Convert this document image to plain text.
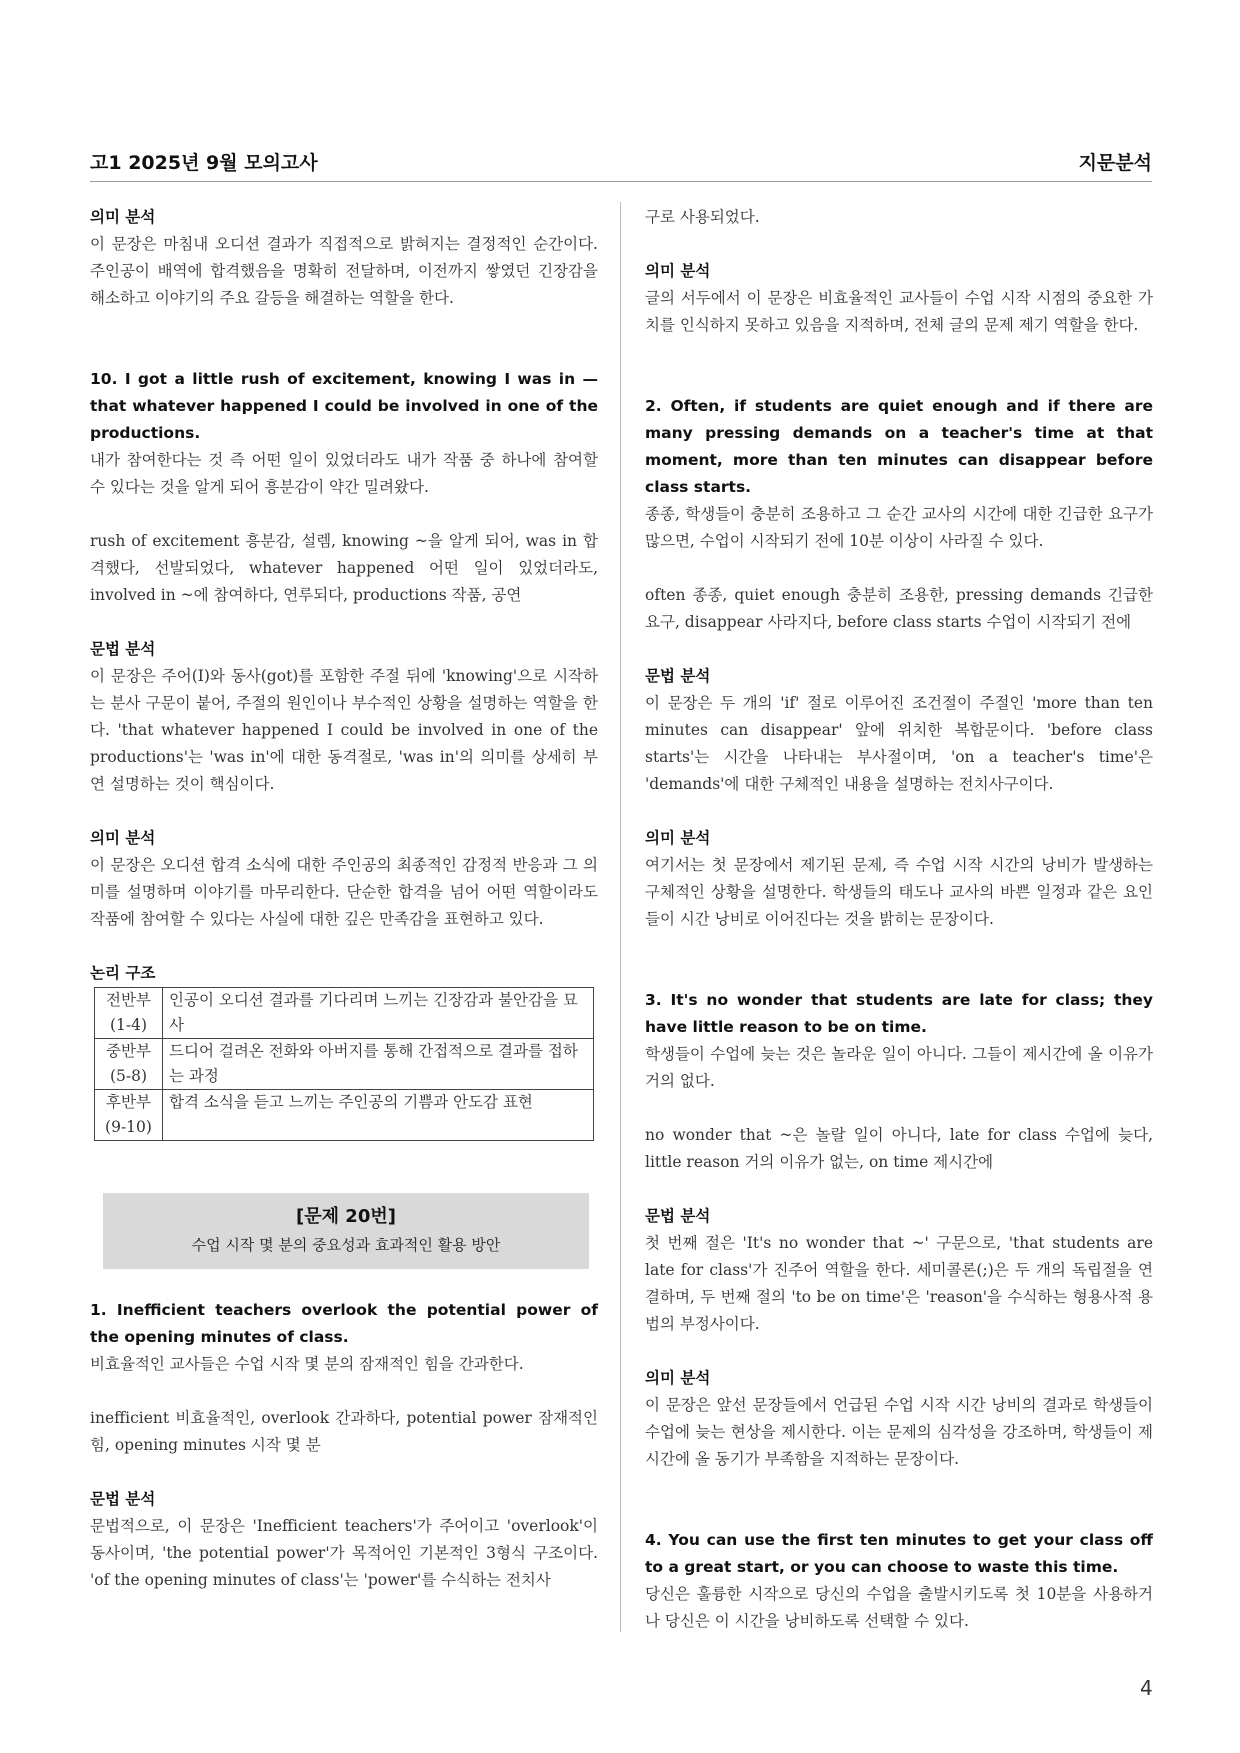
고1 2025년 9월 모의고사	지문분석
의미 분석
이 문장은 마침내 오디션 결과가 직접적으로 밝혀지는 결정적인 순간이다. 주인공이 배역에 합격했음을 명확히 전달하며, 이전까지 쌓였던 긴장감을 해소하고 이야기의 주요 갈등을 해결하는 역할을 한다.
10. I got a little rush of excitement, knowing I was in — that whatever happened I could be involved in one of the productions.
내가 참여한다는 것 즉 어떤 일이 있었더라도 내가 작품 중 하나에 참여할 수 있다는 것을 알게 되어 흥분감이 약간 밀려왔다.
rush of excitement 흥분감, 설렘, knowing ~을 알게 되어, was in 합격했다, 선발되었다, whatever happened 어떤 일이 있었더라도, involved in ~에 참여하다, 연루되다, productions 작품, 공연
문법 분석
이 문장은 주어(I)와 동사(got)를 포함한 주절 뒤에 'knowing'으로 시작하는 분사 구문이 붙어, 주절의 원인이나 부수적인 상황을 설명하는 역할을 한다. 'that whatever happened I could be involved in one of the productions'는 'was in'에 대한 동격절로, 'was in'의 의미를 상세히 부연 설명하는 것이 핵심이다.
의미 분석
이 문장은 오디션 합격 소식에 대한 주인공의 최종적인 감정적 반응과 그 의미를 설명하며 이야기를 마무리한다. 단순한 합격을 넘어 어떤 역할이라도 작품에 참여할 수 있다는 사실에 대한 깊은 만족감을 표현하고 있다.
논리 구조
전반부
(1-4)	인공이 오디션 결과를 기다리며 느끼는 긴장감과 불안감을 묘사

중반부
(5-8)	드디어 걸려온 전화와 아버지를 통해 간접적으로 결과를 접하는 과정

후반부
(9-10)	합격 소식을 듣고 느끼는 주인공의 기쁨과 안도감 표현
[문제 20번]
수업 시작 몇 분의 중요성과 효과적인 활용 방안
1. Inefficient teachers overlook the potential power of the opening minutes of class.
비효율적인 교사들은 수업 시작 몇 분의 잠재적인 힘을 간과한다.
inefficient 비효율적인, overlook 간과하다, potential power 잠재적인 힘, opening minutes 시작 몇 분
문법 분석
문법적으로, 이 문장은 'Inefficient teachers'가 주어이고 'overlook'이 동사이며, 'the potential power'가 목적어인 기본적인 3형식 구조이다. 'of the opening minutes of class'는 'power'를 수식하는 전치사
구로 사용되었다.
의미 분석
글의 서두에서 이 문장은 비효율적인 교사들이 수업 시작 시점의 중요한 가치를 인식하지 못하고 있음을 지적하며, 전체 글의 문제 제기 역할을 한다.
2. Often, if students are quiet enough and if there are many pressing demands on a teacher's time at that moment, more than ten minutes can disappear before class starts.
종종, 학생들이 충분히 조용하고 그 순간 교사의 시간에 대한 긴급한 요구가 많으면, 수업이 시작되기 전에 10분 이상이 사라질 수 있다.
often 종종, quiet enough 충분히 조용한, pressing demands 긴급한 요구, disappear 사라지다, before class starts 수업이 시작되기 전에
문법 분석
이 문장은 두 개의 'if' 절로 이루어진 조건절이 주절인 'more than ten minutes can disappear' 앞에 위치한 복합문이다. 'before class starts'는 시간을 나타내는 부사절이며, 'on a teacher's time'은 'demands'에 대한 구체적인 내용을 설명하는 전치사구이다.
의미 분석
여기서는 첫 문장에서 제기된 문제, 즉 수업 시작 시간의 낭비가 발생하는 구체적인 상황을 설명한다. 학생들의 태도나 교사의 바쁜 일정과 같은 요인들이 시간 낭비로 이어진다는 것을 밝히는 문장이다.
3. It's no wonder that students are late for class; they have little reason to be on time.
학생들이 수업에 늦는 것은 놀라운 일이 아니다. 그들이 제시간에 올 이유가 거의 없다.
no wonder that ~은 놀랄 일이 아니다, late for class 수업에 늦다, little reason 거의 이유가 없는, on time 제시간에
문법 분석
첫 번째 절은 'It's no wonder that ~' 구문으로, 'that students are late for class'가 진주어 역할을 한다. 세미콜론(;)은 두 개의 독립절을 연결하며, 두 번째 절의 'to be on time'은 'reason'을 수식하는 형용사적 용법의 부정사이다.
의미 분석
이 문장은 앞선 문장들에서 언급된 수업 시작 시간 낭비의 결과로 학생들이 수업에 늦는 현상을 제시한다. 이는 문제의 심각성을 강조하며, 학생들이 제시간에 올 동기가 부족함을 지적하는 문장이다.
4. You can use the first ten minutes to get your class off to a great start, or you can choose to waste this time.
당신은 훌륭한 시작으로 당신의 수업을 출발시키도록 첫 10분을 사용하거나 당신은 이 시간을 낭비하도록 선택할 수 있다.
4
